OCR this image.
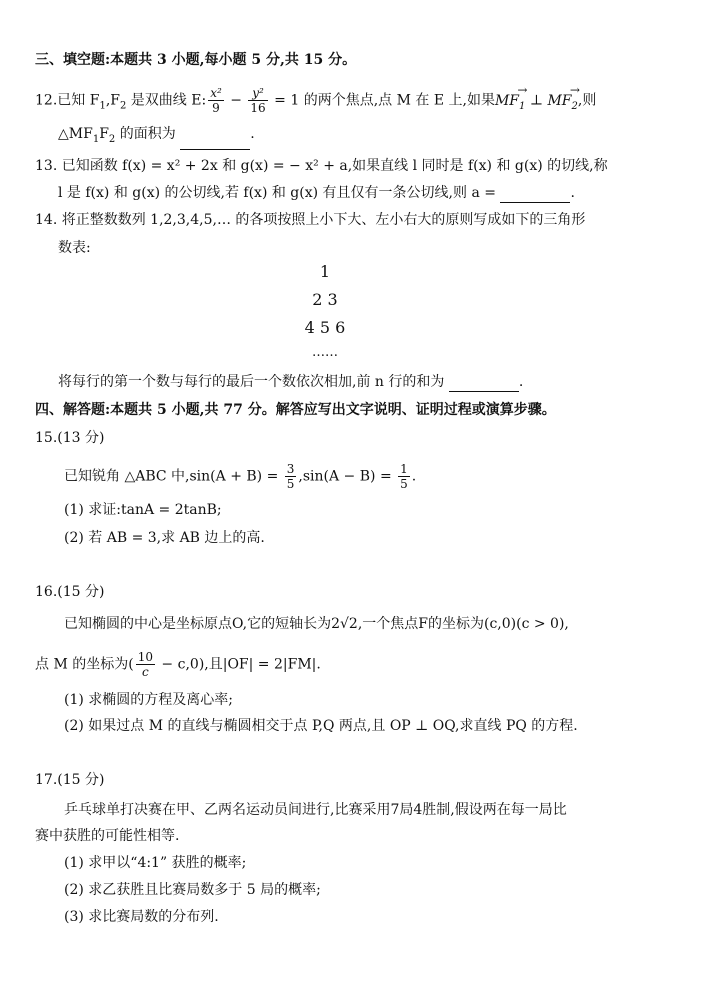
三、填空题:本题共 3 小题,每小题 5 分,共 15 分。
12.已知 $F_1,F_2$ 是双曲线 E: $\frac{\text{x²}}{9} - \frac{\text{y²}}{16} = 1$ 的两个焦点,点 M 在 E 上,如果→ $MF_1$ ⊥ → $MF_2$,则
$\triangle MF_1F_2$ 的面积为	.
13. 已知函数 f(x) = x² + 2x 和 g(x) = − x² + a,如果直线 l 同时是 f(x) 和 g(x) 的切线,称
l 是 f(x) 和 g(x) 的公切线,若 f(x) 和 g(x) 有且仅有一条公切线,则 a =	.
14. 将正整数数列 1,2,3,4,5,… 的各项按照上小下大、左小右大的原则写成如下的三角形
数表:
1
2 3
4 5 6
……
将每行的第一个数与每行的最后一个数依次相加,前 n 行的和为	.
四、解答题:本题共 5 小题,共 77 分。解答应写出文字说明、证明过程或演算步骤。
15.(13 分)
已知锐角 △ABC 中$,\sin(A + B) = \frac{3}{5} ,\sin(A - B) = \frac{1}{5}$ .
(1) 求证:tanA = 2tanB;
(2) 若 AB = 3,求 AB 边上的高.
16.(15 分)
已知椭圆的中心是坐标原点O,它的短轴长为2√2,一个焦点F的坐标为(c,0)(c > 0),
点 M 的坐标为( $\frac{10}{c} - c,0$),且|OF| = 2|FM|.
(1) 求椭圆的方程及离心率;
(2) 如果过点 M 的直线与椭圆相交于点 P,Q 两点,且 OP ⊥ OQ,求直线 PQ 的方程.
17.(15 分)
乒乓球单打决赛在甲、乙两名运动员间进行,比赛采用7局4胜制,假设两在每一局比
赛中获胜的可能性相等.
(1) 求甲以“4:1” 获胜的概率;
(2) 求乙获胜且比赛局数多于 5 局的概率;
(3) 求比赛局数的分布列.
